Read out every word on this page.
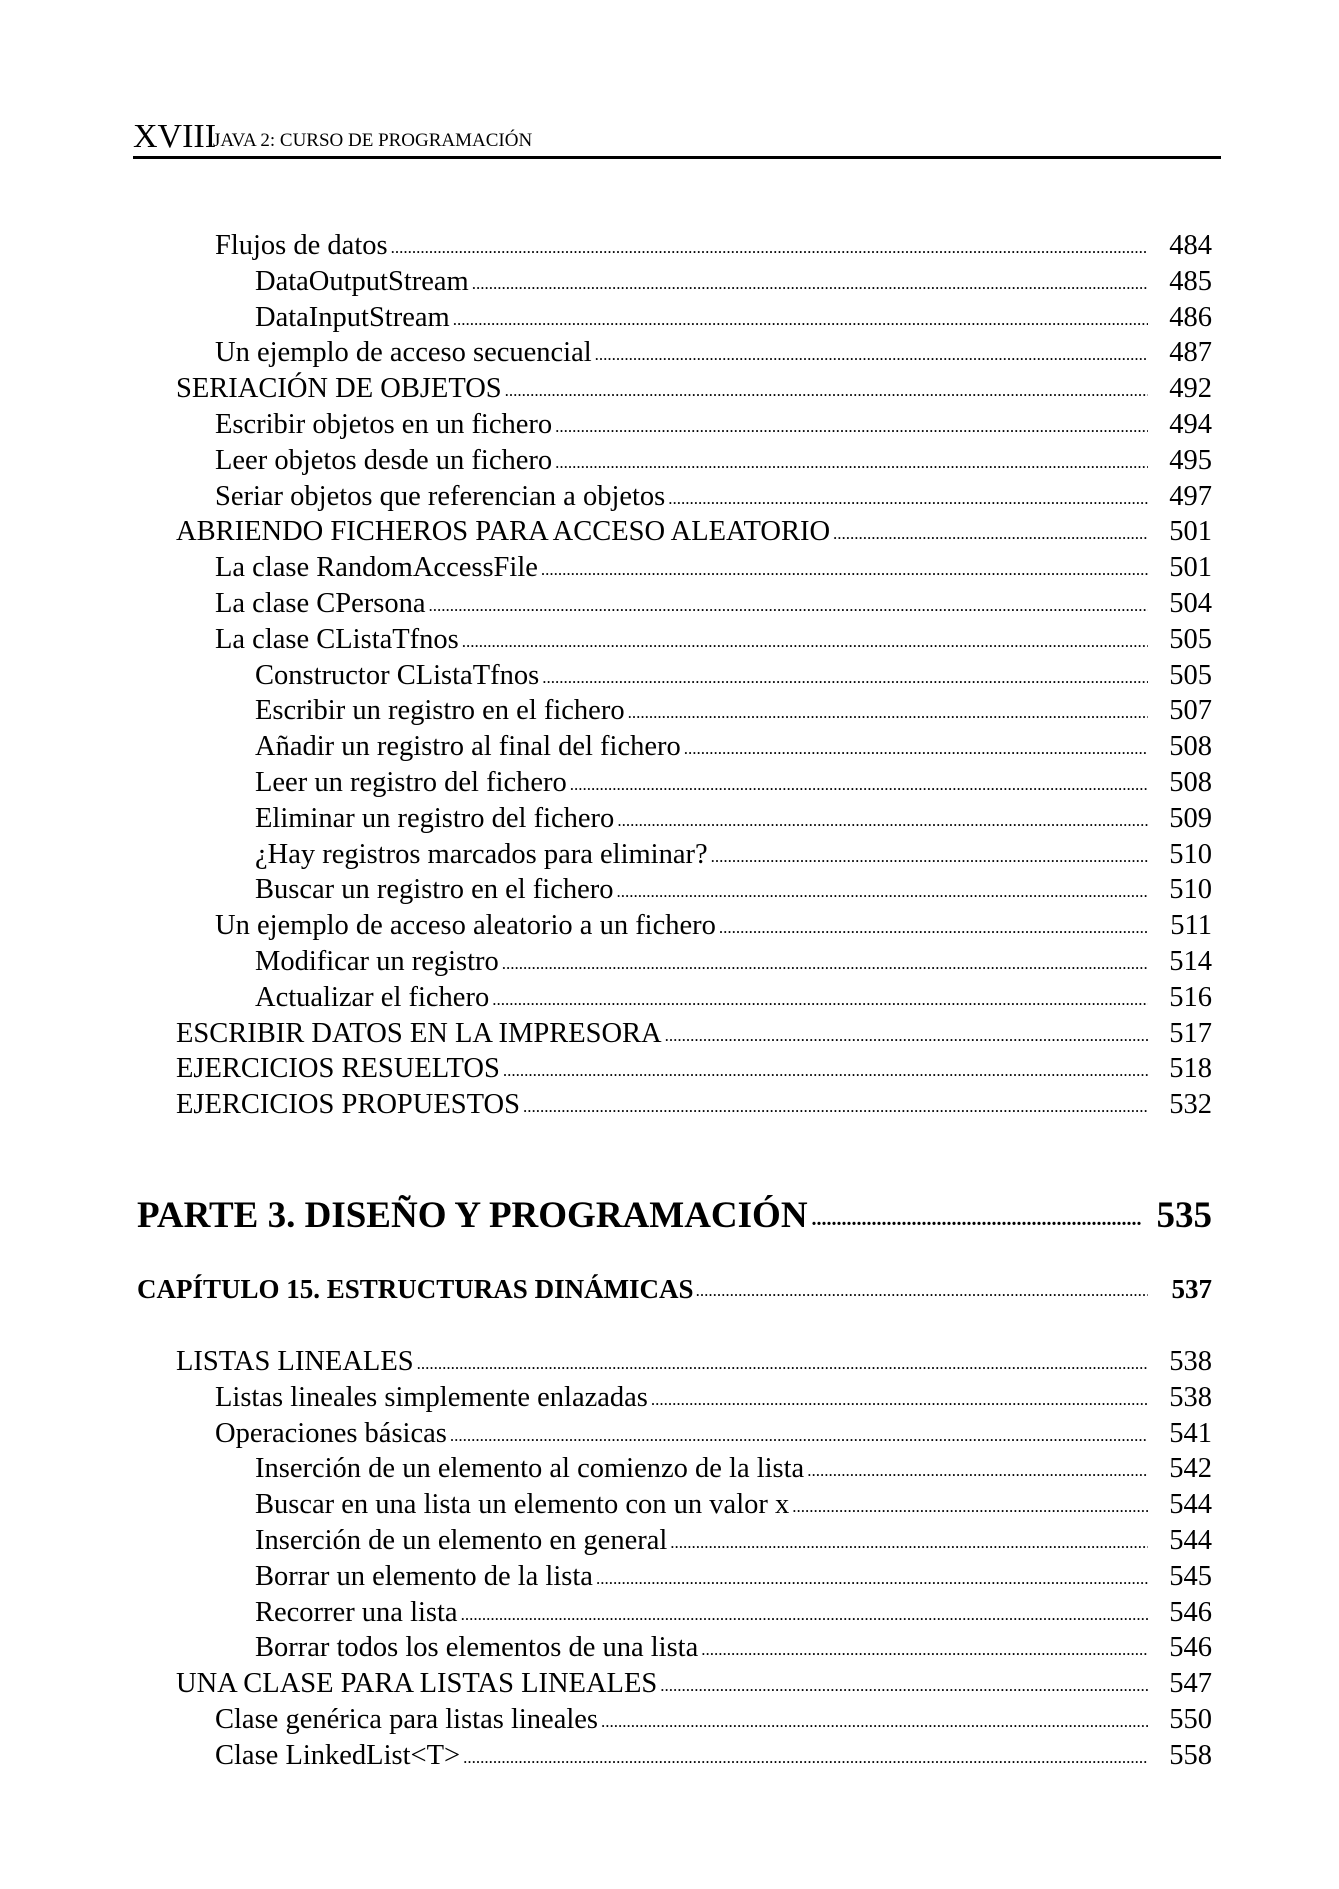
XVIII
JAVA 2: CURSO DE PROGRAMACIÓN
Flujos de datos .....	484
DataOutputStream .....	485
DataInputStream .....	486
Un ejemplo de acceso secuencial .....	487
SERIACIÓN DE OBJETOS .....	492
Escribir objetos en un fichero .....	494
Leer objetos desde un fichero .....	495
Seriar objetos que referencian a objetos .....	497
ABRIENDO FICHEROS PARA ACCESO ALEATORIO .....	501
La clase RandomAccessFile .....	501
La clase CPersona .....	504
La clase CListaTfnos .....	505
Constructor CListaTfnos .....	505
Escribir un registro en el fichero .....	507
Añadir un registro al final del fichero .....	508
Leer un registro del fichero .....	508
Eliminar un registro del fichero .....	509
¿Hay registros marcados para eliminar? .....	510
Buscar un registro en el fichero .....	510
Un ejemplo de acceso aleatorio a un fichero .....	511
Modificar un registro .....	514
Actualizar el fichero .....	516
ESCRIBIR DATOS EN LA IMPRESORA .....	517
EJERCICIOS RESUELTOS .....	518
EJERCICIOS PROPUESTOS .....	532
PARTE 3. DISEÑO Y PROGRAMACIÓN .....	535
CAPÍTULO 15. ESTRUCTURAS DINÁMICAS .....	537
LISTAS LINEALES .....	538
Listas lineales simplemente enlazadas .....	538
Operaciones básicas .....	541
Inserción de un elemento al comienzo de la lista .....	542
Buscar en una lista un elemento con un valor x .....	544
Inserción de un elemento en general .....	544
Borrar un elemento de la lista .....	545
Recorrer una lista .....	546
Borrar todos los elementos de una lista .....	546
UNA CLASE PARA LISTAS LINEALES .....	547
Clase genérica para listas lineales .....	550
Clase LinkedList<T> .....	558
